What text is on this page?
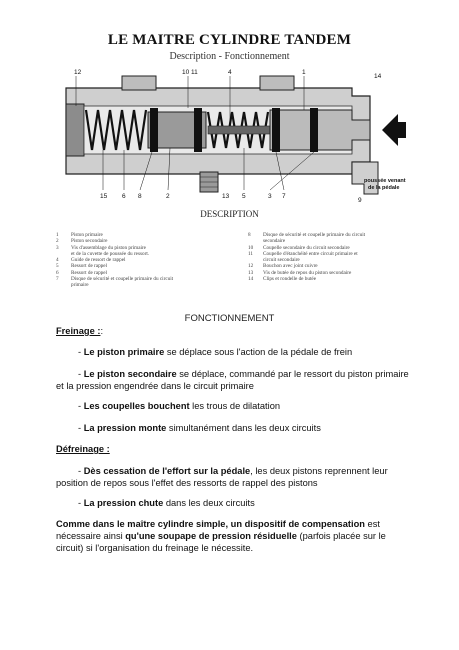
LE MAITRE CYLINDRE TANDEM
Description - Fonctionnement
12	10 11	4	1
14
15 6 8	2	13 5	3 7
9
poussée venant
de la pédale
DESCRIPTION
1	Piston primaire
2	Piston secondaire
3	Vis d'assemblage du piston primaire
et de la cuvette de poussée du ressort.
4	Guide de ressort de rappel
5	Ressort de rappel
6	Ressort de rappel
7	Disque de sécurité et coupelle primaire du circuit
primaire
8	Disque de sécurité et coupelle primaire du circuit
secondaire
10	Coupelle secondaire du circuit secondaire
11	Coupelle d'étanchéité entre circuit primaire et
circuit secondaire
12	Bouchon avec joint cuivre
13	Vis de butée de repos du piston secondaire
14	Clips et rondelle de butée
FONCTIONNEMENT
Freinage ::
- Le piston primaire se déplace sous l'action de la pédale de frein
- Le piston secondaire se déplace, commandé par le ressort du piston primaire
et la pression engendrée dans le circuit primaire
- Les coupelles bouchent les trous de dilatation
- La pression monte simultanément dans les deux circuits
Défreinage :
- Dès cessation de l'effort sur la pédale, les deux pistons reprennent leur
position de repos sous l'effet des ressorts de rappel des pistons
- La pression chute dans les deux circuits
Comme dans le maître cylindre simple, un dispositif de compensation est
nécessaire ainsi qu'une soupape de pression résiduelle (parfois placée sur le
circuit) si l'organisation du freinage le nécessite.
